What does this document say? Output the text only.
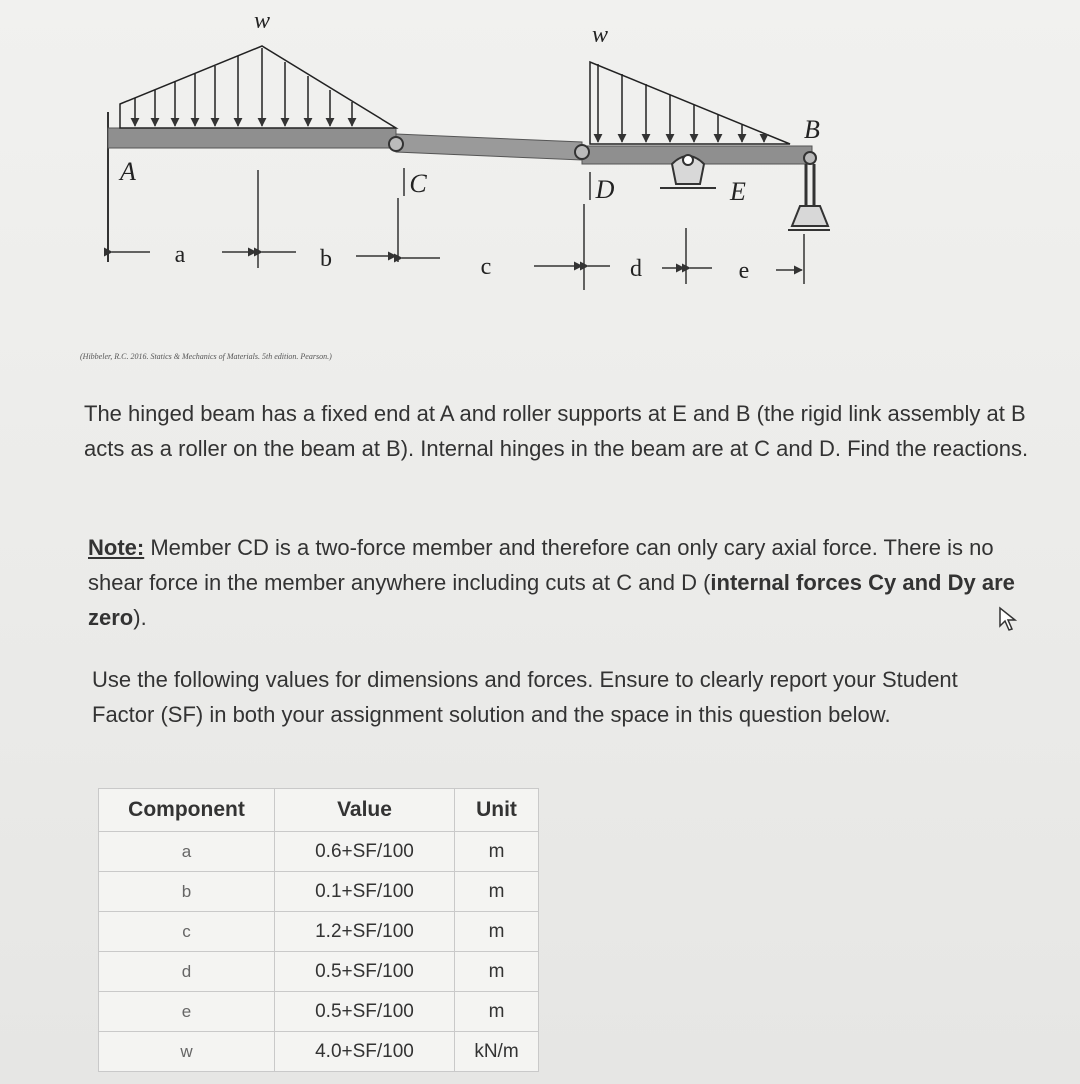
w
w
A
B
C	D	E
a	b	c	d	e
(Hibbeler, R.C. 2016. Statics & Mechanics of Materials. 5th edition. Pearson.)
The hinged beam has a fixed end at A and roller supports at E and B (the rigid link assembly at B acts as a roller on the beam at B). Internal hinges in the beam are at C and D. Find the reactions.
Note: Member CD is a two-force member and therefore can only cary axial force. There is no shear force in the member anywhere including cuts at C and D (internal forces Cy and Dy are zero).
Use the following values for dimensions and forces. Ensure to clearly report your Student Factor (SF) in both your assignment solution and the space in this question below.
Component	Value	Unit
a	0.6+SF/100	m
b	0.1+SF/100	m
c	1.2+SF/100	m
d	0.5+SF/100	m
e	0.5+SF/100	m
w	4.0+SF/100	kN/m
